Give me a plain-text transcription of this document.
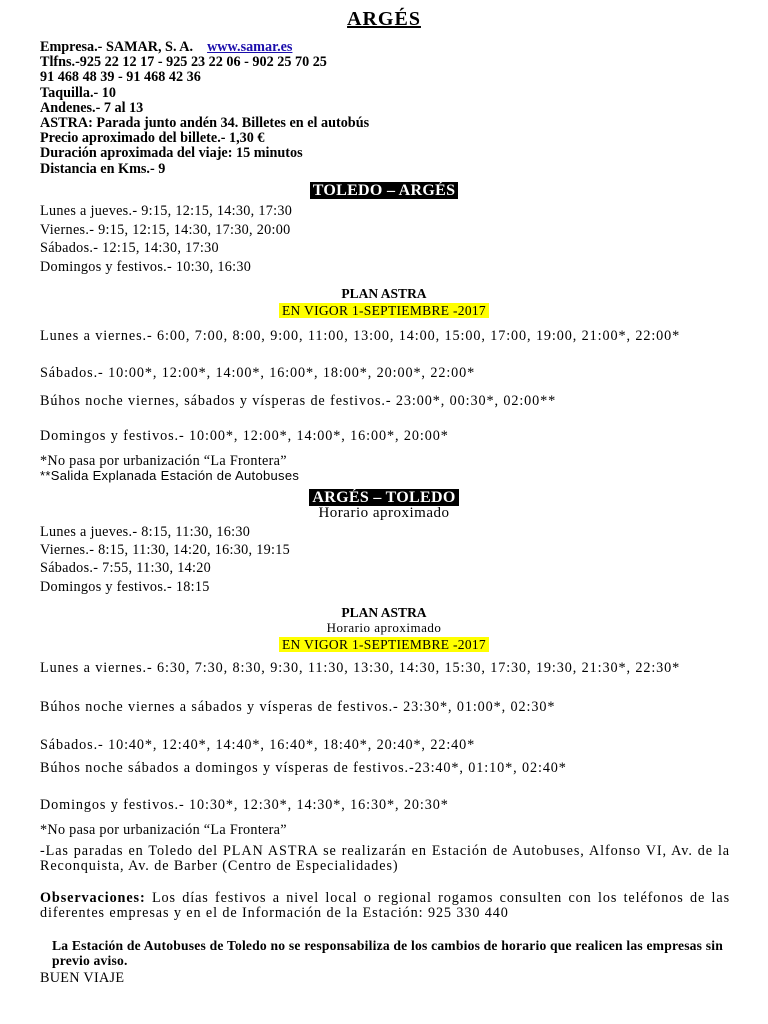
ARGÉS
Empresa.- SAMAR, S. A. www.samar.es
Tlfns.-925 22 12 17 - 925 23 22 06 - 902 25 70 25
91 468 48 39 - 91 468 42 36
Taquilla.- 10
Andenes.- 7 al 13
ASTRA: Parada junto andén 34. Billetes en el autobús
Precio aproximado del billete.- 1,30 €
Duración aproximada del viaje: 15 minutos
Distancia en Kms.- 9
TOLEDO – ARGÉS
Lunes a jueves.- 9:15, 12:15, 14:30, 17:30
Viernes.- 9:15, 12:15, 14:30, 17:30, 20:00
Sábados.- 12:15, 14:30, 17:30
Domingos y festivos.- 10:30, 16:30
PLAN ASTRA
EN VIGOR 1-SEPTIEMBRE -2017
Lunes a viernes.- 6:00, 7:00, 8:00, 9:00, 11:00, 13:00, 14:00, 15:00, 17:00, 19:00, 21:00*, 22:00*
Sábados.- 10:00*, 12:00*, 14:00*, 16:00*, 18:00*, 20:00*, 22:00*
Búhos noche viernes, sábados y vísperas de festivos.- 23:00*, 00:30*, 02:00**
Domingos y festivos.- 10:00*, 12:00*, 14:00*, 16:00*, 20:00*
*No pasa por urbanización “La Frontera”
**Salida Explanada Estación de Autobuses
ARGÉS – TOLEDO
Horario aproximado
Lunes a jueves.- 8:15, 11:30, 16:30
Viernes.- 8:15, 11:30, 14:20, 16:30, 19:15
Sábados.- 7:55, 11:30, 14:20
Domingos y festivos.- 18:15
PLAN ASTRA
Horario aproximado
EN VIGOR 1-SEPTIEMBRE -2017
Lunes a viernes.- 6:30, 7:30, 8:30, 9:30, 11:30, 13:30, 14:30, 15:30, 17:30, 19:30, 21:30*, 22:30*
Búhos noche viernes a sábados y vísperas de festivos.- 23:30*, 01:00*, 02:30*
Sábados.- 10:40*, 12:40*, 14:40*, 16:40*, 18:40*, 20:40*, 22:40*
Búhos noche sábados a domingos y vísperas de festivos.-23:40*, 01:10*, 02:40*
Domingos y festivos.- 10:30*, 12:30*, 14:30*, 16:30*, 20:30*
*No pasa por urbanización “La Frontera”
-Las paradas en Toledo del PLAN ASTRA se realizarán en Estación de Autobuses, Alfonso VI, Av. de la Reconquista, Av. de Barber (Centro de Especialidades)
Observaciones: Los días festivos a nivel local o regional rogamos consulten con los teléfonos de las diferentes empresas y en el de Información de la Estación: 925 330 440
La Estación de Autobuses de Toledo no se responsabiliza de los cambios de horario que realicen las empresas sin previo aviso.
BUEN VIAJE
